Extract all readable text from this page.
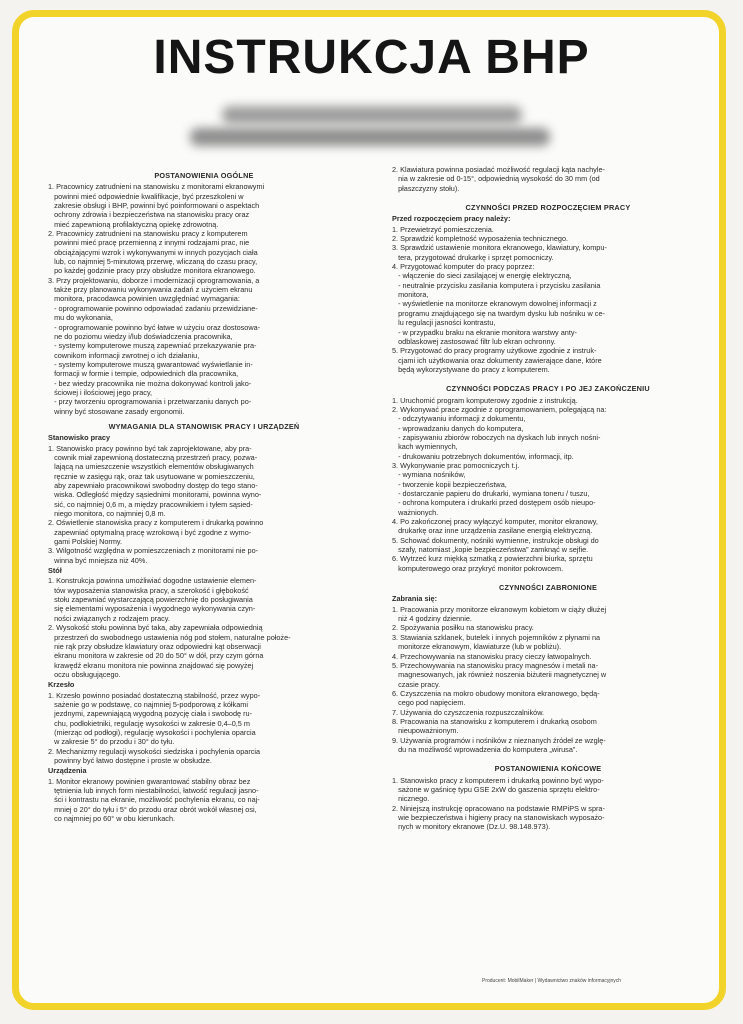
INSTRUKCJA BHP
POSTANOWIENIA OGÓLNE
1. Pracownicy zatrudnieni na stanowisku z monitorami ekranowymi
powinni mieć odpowiednie kwalifikacje, być przeszkoleni w
zakresie obsługi i BHP, powinni być poinformowani o aspektach
ochrony zdrowia i bezpieczeństwa na stanowisku pracy oraz
mieć zapewnioną profilaktyczną opiekę zdrowotną.
2. Pracownicy zatrudnieni na stanowisku pracy z komputerem
powinni mieć pracę przemienną z innymi rodzajami prac, nie
obciążającymi wzrok i wykonywanymi w innych pozycjach ciała
lub, co najmniej 5-minutową przerwę, wliczaną do czasu pracy,
po każdej godzinie pracy przy obsłudze monitora ekranowego.
3. Przy projektowaniu, doborze i modernizacji oprogramowania, a
także przy planowaniu wykonywania zadań z użyciem ekranu
monitora, pracodawca powinien uwzględniać wymagania:
- oprogramowanie powinno odpowiadać zadaniu przewidziane-
mu do wykonania,
- oprogramowanie powinno być łatwe w użyciu oraz dostosowa-
ne do poziomu wiedzy i/lub doświadczenia pracownika,
- systemy komputerowe muszą zapewniać przekazywanie pra-
cownikom informacji zwrotnej o ich działaniu,
- systemy komputerowe muszą gwarantować wyświetlanie in-
formacji w formie i tempie, odpowiednich dla pracownika,
- bez wiedzy pracownika nie można dokonywać kontroli jako-
ściowej i ilościowej jego pracy,
- przy tworzeniu oprogramowania i przetwarzaniu danych po-
winny być stosowane zasady ergonomii.
WYMAGANIA DLA STANOWISK PRACY I URZĄDZEŃ
Stanowisko pracy
1. Stanowisko pracy powinno być tak zaprojektowane, aby pra-
cownik miał zapewnioną dostateczną przestrzeń pracy, pozwa-
lającą na umieszczenie wszystkich elementów obsługiwanych
ręcznie w zasięgu rąk, oraz tak usytuowane w pomieszczeniu,
aby zapewniało pracownikowi swobodny dostęp do tego stano-
wiska. Odległość między sąsiednimi monitorami, powinna wyno-
sić, co najmniej 0,6 m, a między pracownikiem i tyłem sąsied-
niego monitora, co najmniej 0,8 m.
2. Oświetlenie stanowiska pracy z komputerem i drukarką powinno
zapewniać optymalną pracę wzrokową i być zgodne z wymo-
gami Polskiej Normy.
3. Wilgotność względna w pomieszczeniach z monitorami nie po-
winna być mniejsza niż 40%.
Stół
1. Konstrukcja powinna umożliwiać dogodne ustawienie elemen-
tów wyposażenia stanowiska pracy, a szerokość i głębokość
stołu zapewniać wystarczającą powierzchnię do posługiwania
się elementami wyposażenia i wygodnego wykonywania czyn-
ności związanych z rodzajem pracy.
2. Wysokość stołu powinna być taka, aby zapewniała odpowiednią
przestrzeń do swobodnego ustawienia nóg pod stołem, naturalne położe-
nie rąk przy obsłudze klawiatury oraz odpowiedni kąt obserwacji
ekranu monitora w zakresie od 20 do 50° w dół, przy czym górna
krawędź ekranu monitora nie powinna znajdować się powyżej
oczu obsługującego.
Krzesło
1. Krzesło powinno posiadać dostateczną stabilność, przez wypo-
sażenie go w podstawę, co najmniej 5-podporową z kółkami
jezdnymi, zapewniającą wygodną pozycję ciała i swobodę ru-
chu, podłokietniki, regulację wysokości w zakresie 0,4–0,5 m
(mierząc od podłogi), regulację wysokości i pochylenia oparcia
w zakresie 5° do przodu i 30° do tyłu.
2. Mechanizmy regulacji wysokości siedziska i pochylenia oparcia
powinny być łatwo dostępne i proste w obsłudze.
Urządzenia
1. Monitor ekranowy powinien gwarantować stabilny obraz bez
tętnienia lub innych form niestabilności, łatwość regulacji jasno-
ści i kontrastu na ekranie, możliwość pochylenia ekranu, co naj-
mniej o 20° do tyłu i 5° do przodu oraz obrót wokół własnej osi,
co najmniej po 60° w obu kierunkach.
2. Klawiatura powinna posiadać możliwość regulacji kąta nachyle-
nia w zakresie od 0-15°, odpowiednią wysokość do 30 mm (od
płaszczyzny stołu).
CZYNNOŚCI PRZED ROZPOCZĘCIEM PRACY
Przed rozpoczęciem pracy należy:
1. Przewietrzyć pomieszczenia.
2. Sprawdzić kompletność wyposażenia technicznego.
3. Sprawdzić ustawienie monitora ekranowego, klawiatury, kompu-
tera, przygotować drukarkę i sprzęt pomocniczy.
4. Przygotować komputer do pracy poprzez:
- włączenie do sieci zasilającej w energię elektryczną,
- neutralnie przycisku zasilania komputera i przycisku zasilania
monitora,
- wyświetlenie na monitorze ekranowym dowolnej informacji z
programu znajdującego się na twardym dysku lub nośniku w ce-
lu regulacji jasności kontrastu,
- w przypadku braku na ekranie monitora warstwy anty-
odblaskowej zastosować filtr lub ekran ochronny.
5. Przygotować do pracy programy użytkowe zgodnie z instruk-
cjami ich użytkowania oraz dokumenty zawierające dane, które
będą wykorzystywane do pracy z komputerem.
CZYNNOŚCI PODCZAS PRACY I PO JEJ ZAKOŃCZENIU
1. Uruchomić program komputerowy zgodnie z instrukcją.
2. Wykonywać prace zgodnie z oprogramowaniem, polegającą na:
- odczytywaniu informacji z dokumentu,
- wprowadzaniu danych do komputera,
- zapisywaniu zbiorów roboczych na dyskach lub innych nośni-
kach wymiennych,
- drukowaniu potrzebnych dokumentów, informacji, itp.
3. Wykonywanie prac pomocniczych t.j.
- wymiana nośników,
- tworzenie kopii bezpieczeństwa,
- dostarczanie papieru do drukarki, wymiana toneru / tuszu,
- ochrona komputera i drukarki przed dostępem osób nieupo-
ważnionych.
4. Po zakończonej pracy wyłączyć komputer, monitor ekranowy,
drukarkę oraz inne urządzenia zasilane energią elektryczną.
5. Schować dokumenty, nośniki wymienne, instrukcje obsługi do
szafy, natomiast „kopie bezpieczeństwa” zamknąć w sejfie.
6. Wytrzeć kurz miękką szmatką z powierzchni biurka, sprzętu
komputerowego oraz przykryć monitor pokrowcem.
CZYNNOŚCI ZABRONIONE
Zabrania się:
1. Pracowania przy monitorze ekranowym kobietom w ciąży dłużej
niż 4 godziny dziennie.
2. Spożywania posiłku na stanowisku pracy.
3. Stawiania szklanek, butelek i innych pojemników z płynami na
monitorze ekranowym, klawiaturze (lub w pobliżu).
4. Przechowywania na stanowisku pracy cieczy łatwopalnych.
5. Przechowywania na stanowisku pracy magnesów i metali na-
magnesowanych, jak również noszenia biżuterii magnetycznej w
czasie pracy.
6. Czyszczenia na mokro obudowy monitora ekranowego, będą-
cego pod napięciem.
7. Używania do czyszczenia rozpuszczalników.
8. Pracowania na stanowisku z komputerem i drukarką osobom
nieupoważnionym.
9. Używania programów i nośników z nieznanych źródeł ze wzglę-
du na możliwość wprowadzenia do komputera „wirusa”.
POSTANOWIENIA KOŃCOWE
1. Stanowisko pracy z komputerem i drukarką powinno być wypo-
sażone w gaśnicę typu GSE 2xW do gaszenia sprzętu elektro-
nicznego.
2. Niniejszą instrukcję opracowano na podstawie RMPiPS w spra-
wie bezpieczeństwa i higieny pracy na stanowiskach wyposażo-
nych w monitory ekranowe (Dz.U. 98.148.973).
Producent: MobilMaker | Wydawnictwo znaków informacyjnych
